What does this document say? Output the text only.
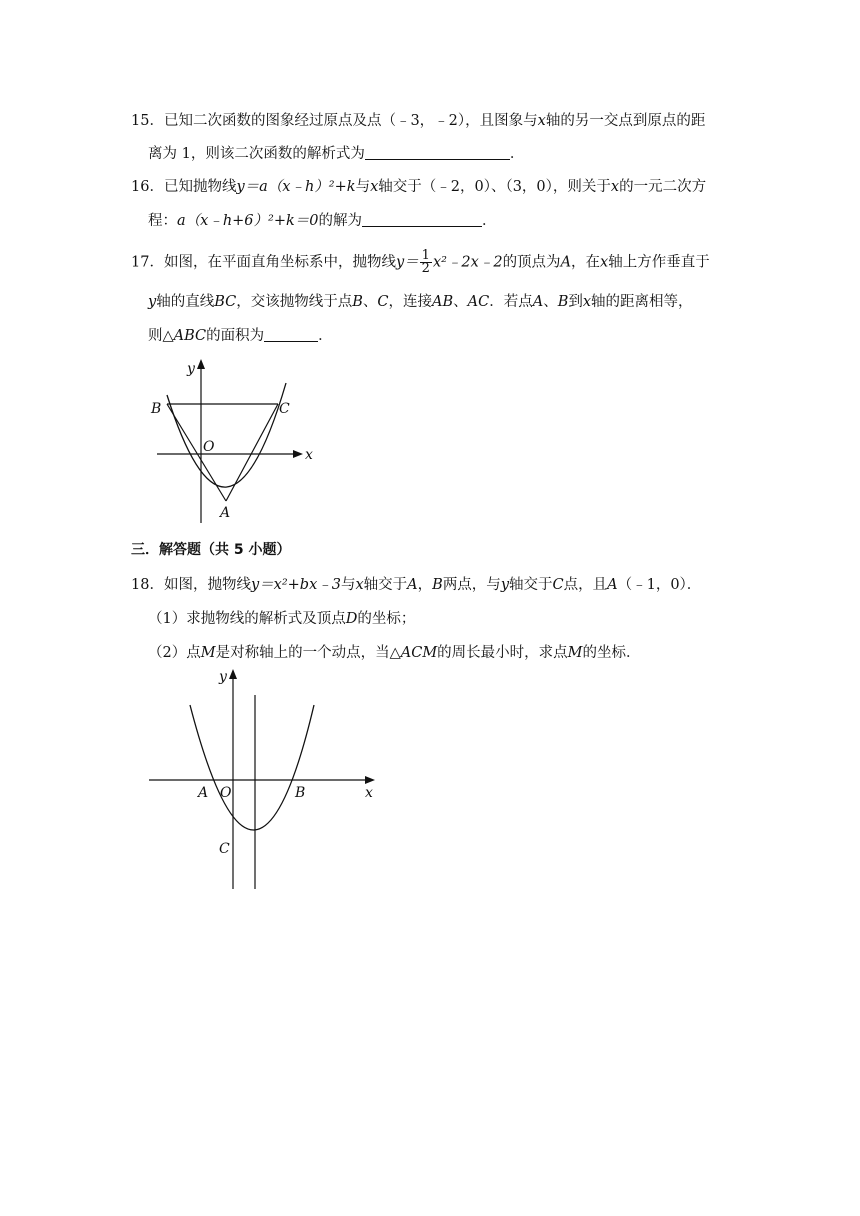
15．已知二次函数的图象经过原点及点（﹣3，﹣2），且图象与x轴的另一交点到原点的距
离为 1，则该二次函数的解析式为	．
16．已知抛物线y＝a（x﹣h）²+k与x轴交于（﹣2，0）、（3，0），则关于x的一元二次方
程：a（x﹣h+6）²+k＝0的解为	．
17．如图，在平面直角坐标系中，抛物线$y= \frac{1}{2}$ x²﹣2x﹣2的顶点为A，在x轴上方作垂直于
y轴的直线BC，交该抛物线于点B、C，连接AB、AC．若点A、B到x轴的距离相等，
则△ABC的面积为	．
y
x
O
A
B	C
三．解答题（共 5 小题）
18．如图，抛物线y＝x²+bx﹣3与x轴交于A，B两点，与y轴交于C点，且A（﹣1，0）．
（1）求抛物线的解析式及顶点D的坐标；
（2）点M是对称轴上的一个动点，当△ACM的周长最小时，求点M的坐标．
y
x
O
A	B
C
